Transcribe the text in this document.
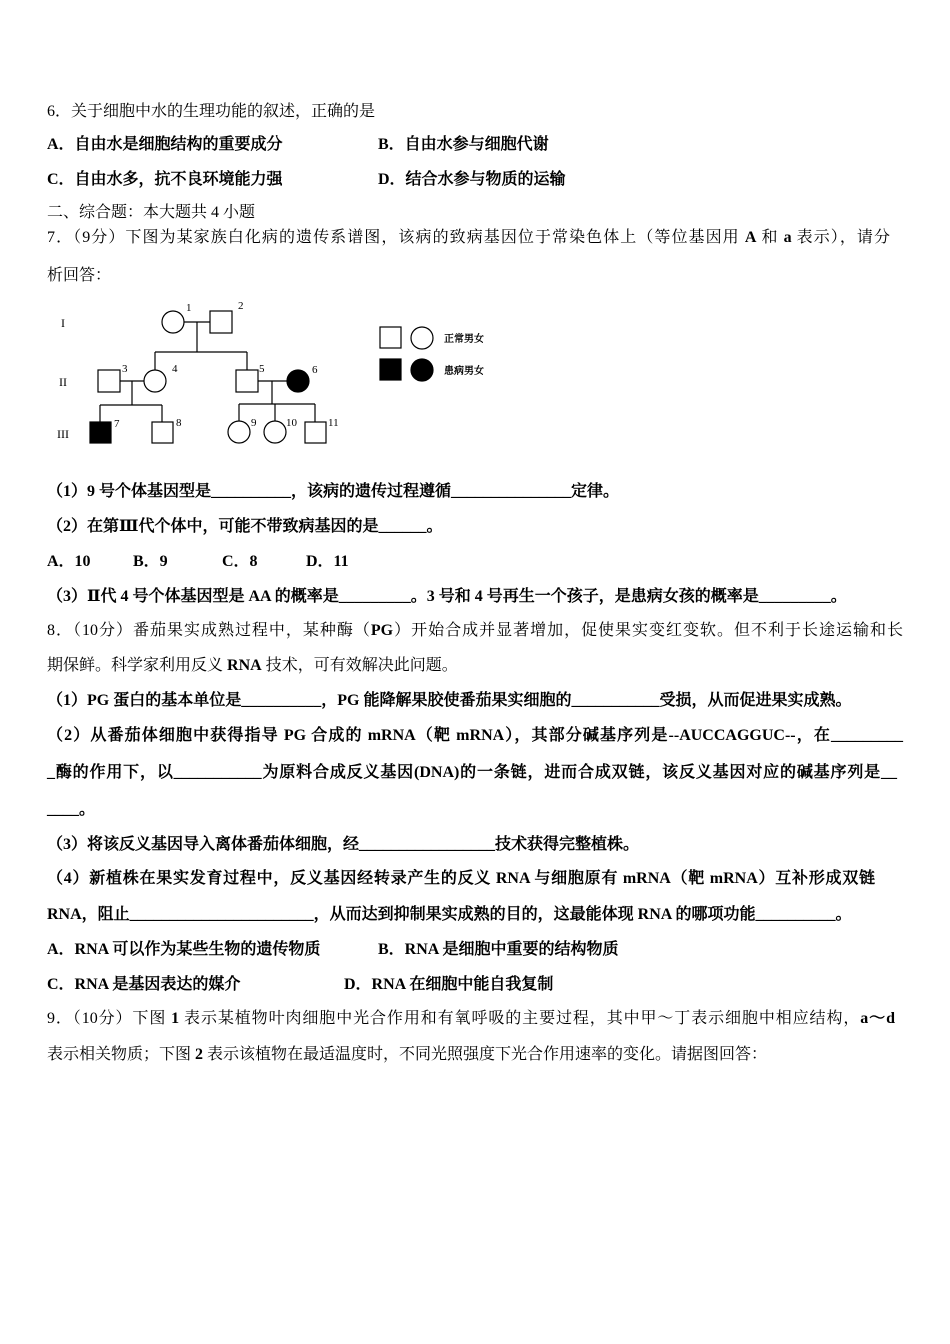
6．关于细胞中水的生理功能的叙述，正确的是
A．自由水是细胞结构的重要成分	B．自由水参与细胞代谢
C．自由水多，抗不良环境能力强	D．结合水参与物质的运输
二、综合题：本大题共 4 小题
7．（9分）下图为某家族白化病的遗传系谱图，该病的致病基因位于常染色体上（等位基因用 A 和 a 表示），请分
析回答：
I
II
III
1	2
3	4	5	6
7	8	9	10	11
正常男女
患病男女
（1）9 号个体基因型是__________，该病的遗传过程遵循_______________定律。
（2）在第Ⅲ代个体中，可能不带致病基因的是______。
A．10	B．9	C．8	D．11
（3）Ⅱ代 4 号个体基因型是 AA 的概率是_________。3 号和 4 号再生一个孩子，是患病女孩的概率是_________。
8．（10分）番茄果实成熟过程中，某种酶（PG）开始合成并显著增加，促使果实变红变软。但不利于长途运输和长
期保鲜。科学家利用反义 RNA 技术，可有效解决此问题。
（1）PG 蛋白的基本单位是__________，PG 能降解果胶使番茄果实细胞的___________受损，从而促进果实成熟。
（2）从番茄体细胞中获得指导 PG 合成的 mRNA（靶 mRNA），其部分碱基序列是--AUCCAGGUC--，在_________
_酶的作用下，以___________为原料合成反义基因(DNA)的一条链，进而合成双链，该反义基因对应的碱基序列是__
____。
（3）将该反义基因导入离体番茄体细胞，经_________________技术获得完整植株。
（4）新植株在果实发育过程中，反义基因经转录产生的反义 RNA 与细胞原有 mRNA（靶 mRNA）互补形成双链
RNA，阻止_______________________，从而达到抑制果实成熟的目的，这最能体现 RNA 的哪项功能__________。
A．RNA 可以作为某些生物的遗传物质	B．RNA 是细胞中重要的结构物质
C．RNA 是基因表达的媒介	D．RNA 在细胞中能自我复制
9．（10分）下图 1 表示某植物叶肉细胞中光合作用和有氧呼吸的主要过程，其中甲～丁表示细胞中相应结构，a～d
表示相关物质；下图 2 表示该植物在最适温度时，不同光照强度下光合作用速率的变化。请据图回答：
